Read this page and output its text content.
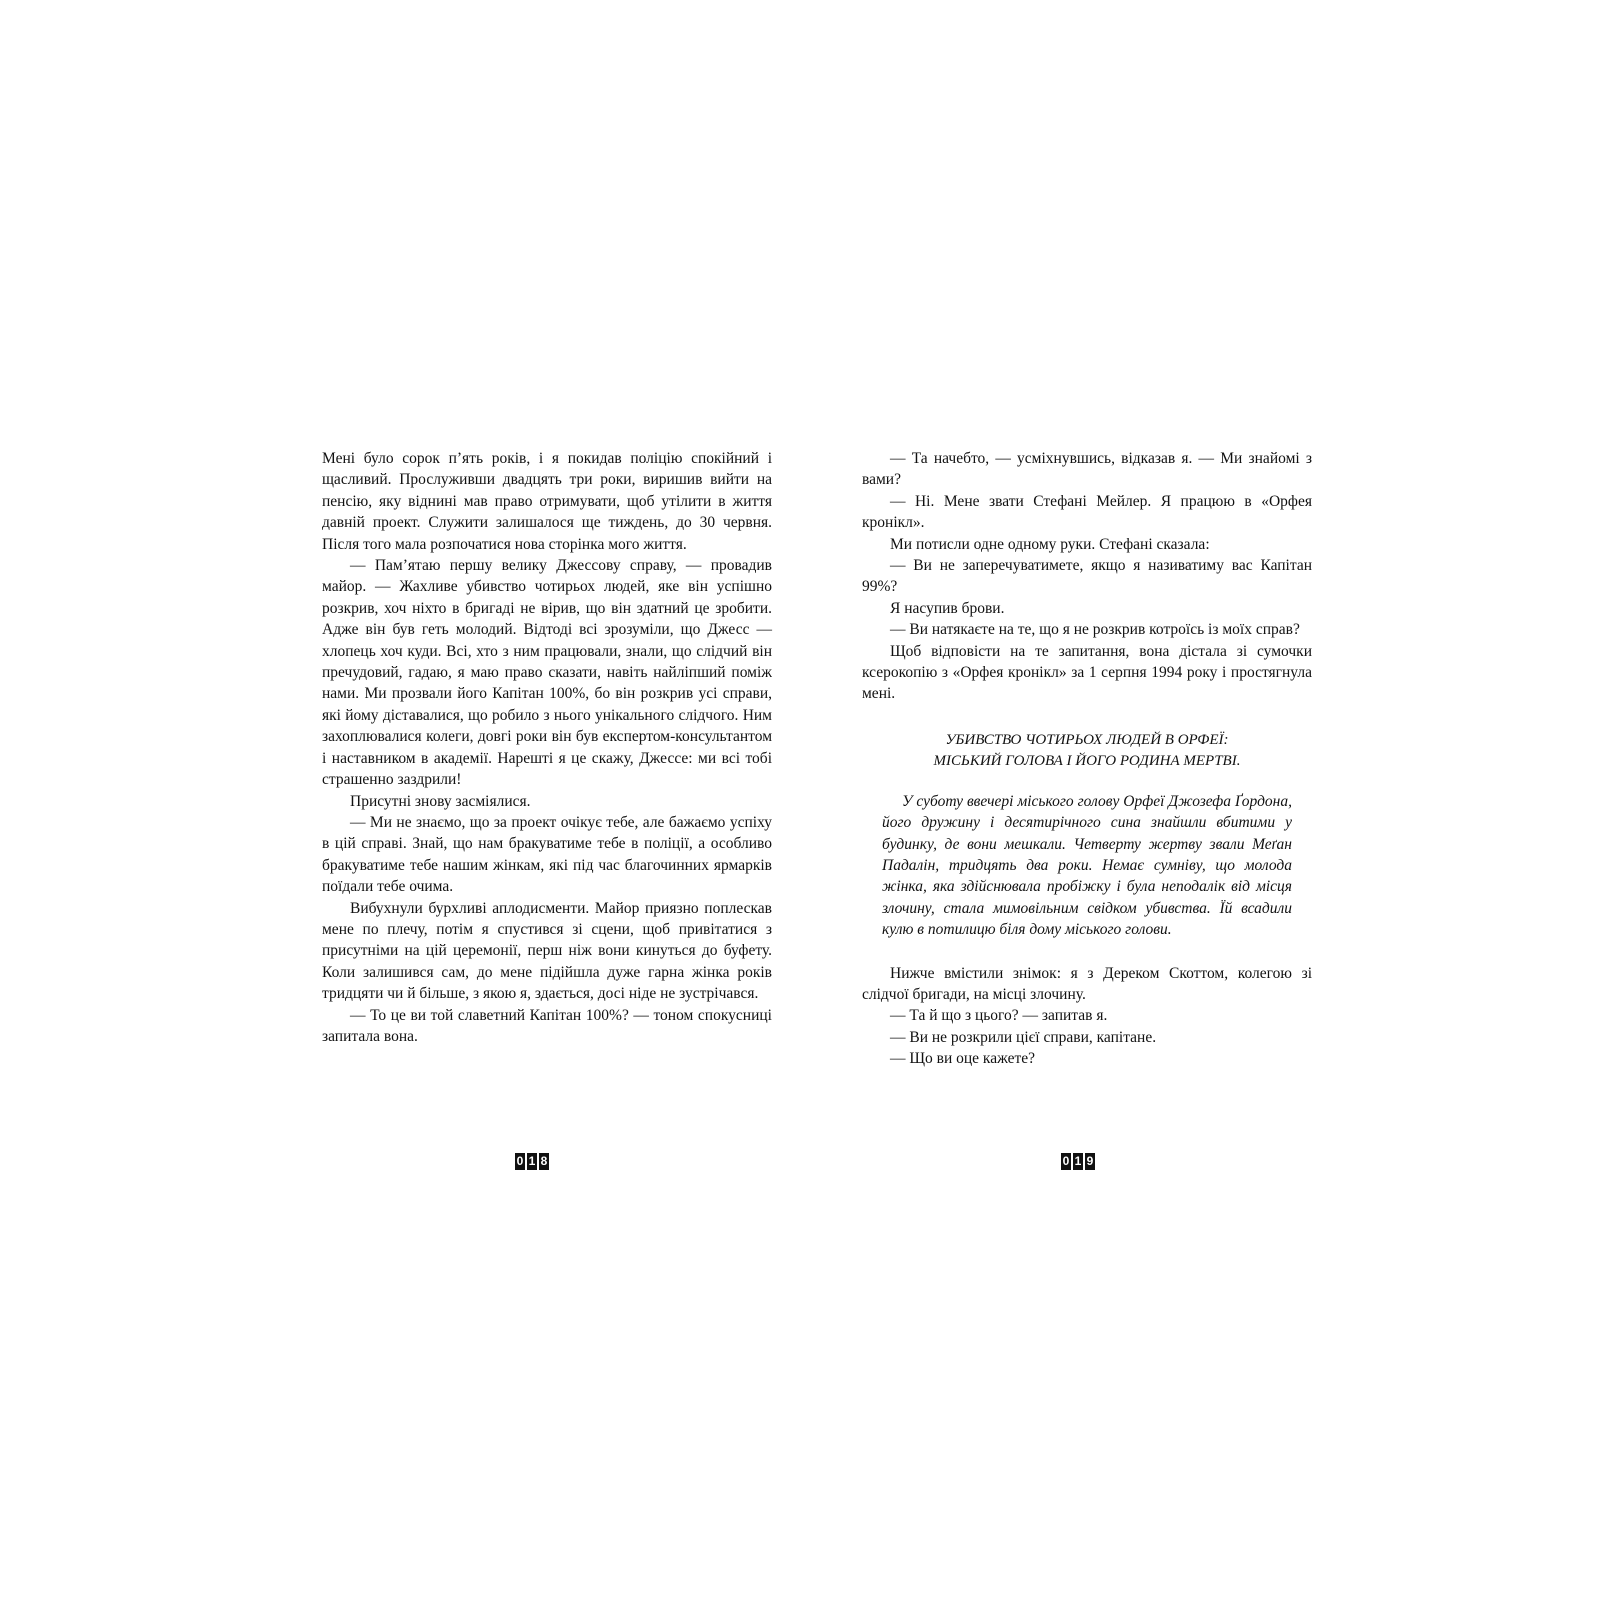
Мені було сорок п’ять років, і я покидав поліцію спокійний і щасливий. Прослуживши двадцять три роки, виришив вийти на пенсію, яку віднині мав право отримувати, щоб утілити в життя давній проект. Служити залишалося ще тиждень, до 30 червня. Після того мала розпочатися нова сторінка мого життя.

— Пам’ятаю першу велику Джессову справу, — провадив майор. — Жахливе убивство чотирьох людей, яке він успішно розкрив, хоч ніхто в бригаді не вірив, що він здатний це зробити. Адже він був геть молодий. Відтоді всі зрозуміли, що Джесс — хлопець хоч куди. Всі, хто з ним працювали, знали, що слідчий він пречудовий, гадаю, я маю право сказати, навіть найліпший поміж нами. Ми прозвали його Капітан 100%, бо він розкрив усі справи, які йому діставалися, що робило з нього унікального слідчого. Ним захоплювалися колеги, довгі роки він був експертом-консультантом і наставником в академії. Нарешті я це скажу, Джессе: ми всі тобі страшенно заздрили!

Присутні знову засміялися.

— Ми не знаємо, що за проект очікує тебе, але бажаємо успіху в цій справі. Знай, що нам бракуватиме тебе в поліції, а особливо бракуватиме тебе нашим жінкам, які під час благочинних ярмарків поїдали тебе очима.

Вибухнули бурхливі аплодисменти. Майор приязно поплескав мене по плечу, потім я спустився зі сцени, щоб привітатися з присутніми на цій церемонії, перш ніж вони кинуться до буфету. Коли залишився сам, до мене підійшла дуже гарна жінка років тридцяти чи й більше, з якою я, здається, досі ніде не зустрічався.

— То це ви той славетний Капітан 100%? — тоном спокусниці запитала вона.

0 1 8

— Та начебто, — усміхнувшись, відказав я. — Ми знайомі з вами?

— Ні. Мене звати Стефані Мейлер. Я працюю в «Орфея кронікл».

Ми потисли одне одному руки. Стефані сказала:

— Ви не заперечуватимете, якщо я називатиму вас Капітан 99%?

Я насупив брови.

— Ви натякаєте на те, що я не розкрив котроїсь із моїх справ?

Щоб відповісти на те запитання, вона дістала зі сумочки ксерокопію з «Орфея кронікл» за 1 серпня 1994 року і простягнула мені.

УБИВСТВО ЧОТИРЬОХ ЛЮДЕЙ В ОРФЕЇ:
МІСЬКИЙ ГОЛОВА І ЙОГО РОДИНА МЕРТВІ.

У суботу ввечері міського голову Орфеї Джозефа Ґордона, його дружину і десятирічного сина знайшли вбитими у будинку, де вони мешкали. Четверту жертву звали Меґан Падалін, тридцять два роки. Немає сумніву, що молода жінка, яка здійснювала пробіжку і була неподалік від місця злочину, стала мимовільним свідком убивства. Їй всадили кулю в потилицю біля дому міського голови.

Нижче вмістили знімок: я з Дереком Скоттом, колегою зі слідчої бригади, на місці злочину.

— Та й що з цього? — запитав я.

— Ви не розкрили цієї справи, капітане.

— Що ви оце кажете?

0 1 9
